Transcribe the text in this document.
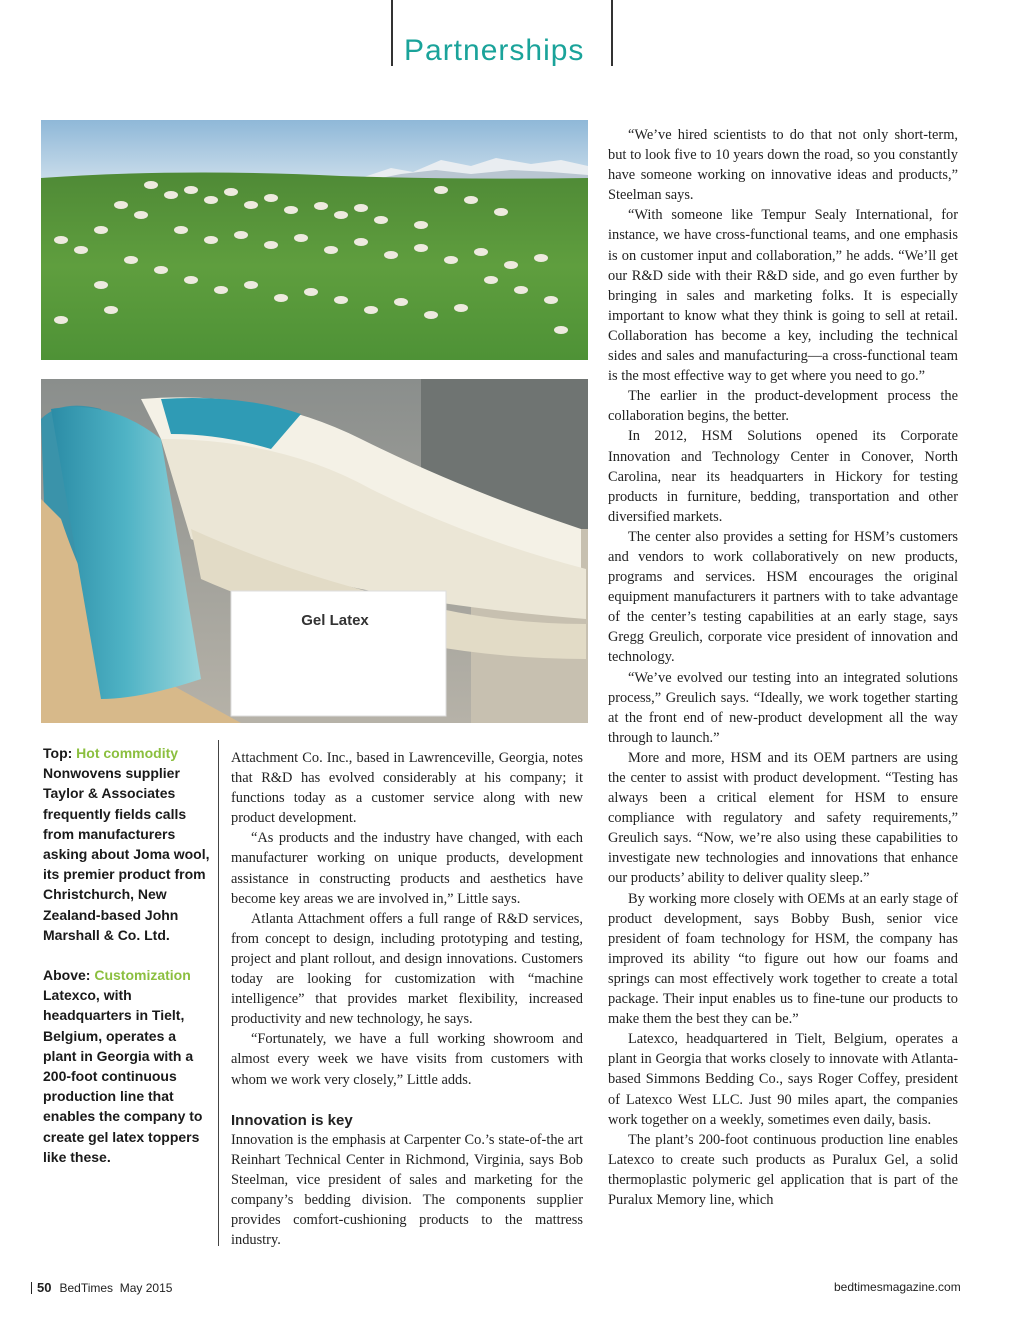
Partnerships
Gel Latex

Top: Hot commodity Nonwovens supplier Taylor & Associates frequently fields calls from manufacturers asking about Joma wool, its premier product from Christchurch, New Zealand-based John Marshall & Co. Ltd.

Above: Customization Latexco, with headquarters in Tielt, Belgium, operates a plant in Georgia with a 200-foot continuous production line that enables the company to create gel latex toppers like these.

Attachment Co. Inc., based in Lawrenceville, Georgia, notes that R&D has evolved considerably at his company; it functions today as a customer service along with new product development.

“As products and the industry have changed, with each manufacturer working on unique products, development assistance in constructing products and aesthetics have become key areas we are involved in,” Little says.

Atlanta Attachment offers a full range of R&D services, from concept to design, including prototyping and testing, project and plant rollout, and design innovations. Customers today are looking for customization with “machine intelligence” that provides market flexibility, increased productivity and new technology, he says.

“Fortunately, we have a full working showroom and almost every week we have visits from customers with whom we work very closely,” Little adds.

Innovation is key

Innovation is the emphasis at Carpenter Co.’s state-of-the art Reinhart Technical Center in Richmond, Virginia, says Bob Steelman, vice president of sales and marketing for the company’s bedding division. The components supplier provides comfort-cushioning products to the mattress industry.

“We’ve hired scientists to do that not only short-term, but to look five to 10 years down the road, so you constantly have someone working on innovative ideas and products,” Steelman says.

“With someone like Tempur Sealy International, for instance, we have cross-functional teams, and one emphasis is on customer input and collaboration,” he adds. “We’ll get our R&D side with their R&D side, and go even further by bringing in sales and marketing folks. It is especially important to know what they think is going to sell at retail. Collaboration has become a key, including the technical sides and sales and manufacturing—a cross-functional team is the most effective way to get where you need to go.”

The earlier in the product-development process the collaboration begins, the better.

In 2012, HSM Solutions opened its Corporate Innovation and Technology Center in Conover, North Carolina, near its headquarters in Hickory for testing products in furniture, bedding, transportation and other diversified markets.

The center also provides a setting for HSM’s customers and vendors to work collaboratively on new products, programs and services. HSM encourages the original equipment manufacturers it partners with to take advantage of the center’s testing capabilities at an early stage, says Gregg Greulich, corporate vice president of innovation and technology.

“We’ve evolved our testing into an integrated solutions process,” Greulich says. “Ideally, we work together starting at the front end of new-product development all the way through to launch.”

More and more, HSM and its OEM partners are using the center to assist with product development. “Testing has always been a critical element for HSM to ensure compliance with regulatory and safety requirements,” Greulich says. “Now, we’re also using these capabilities to investigate new technologies and innovations that enhance our products’ ability to deliver quality sleep.”

By working more closely with OEMs at an early stage of product development, says Bobby Bush, senior vice president of foam technology for HSM, the company has improved its ability “to figure out how our foams and springs can most effectively work together to create a total package. Their input enables us to fine-tune our products to make them the best they can be.”

Latexco, headquartered in Tielt, Belgium, operates a plant in Georgia that works closely to innovate with Atlanta-based Simmons Bedding Co., says Roger Coffey, president of Latexco West LLC. Just 90 miles apart, the companies work together on a weekly, sometimes even daily, basis.

The plant’s 200-foot continuous production line enables Latexco to create such products as Puralux Gel, a solid thermoplastic polymeric gel application that is part of the Puralux Memory line, which

50 BedTimes May 2015	bedtimesmagazine.com
